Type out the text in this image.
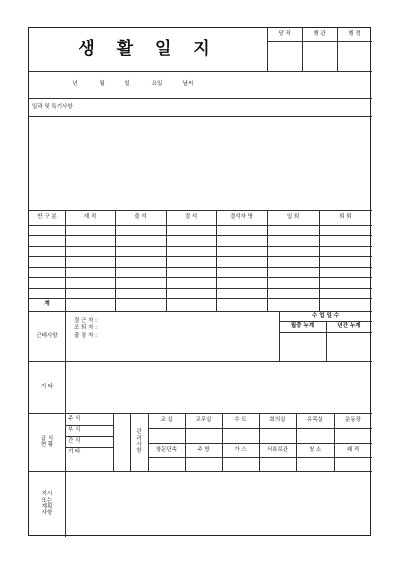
생 활 일 지
당 직	행 관	행 정
년	월	일	요일	날씨
일과 및 특기사항
반 구 분	재 적	출 석	결 석	결석자 명	입 퇴	퇴 퇴
계
근태사항
결 근 자 :
조 퇴 자 :
출 장 자 :
수 업 일 수
월중 누계	년간 누계
기 타
급 식
현 황
주 식
부 식
간 식
기 타
관
리
사
항
교 실	교무실	수 도	회의실	유목실	운동장
창문단속	주 방	가 스	서류보관	청 소	쾌 적
지시
또는
계획
사항
